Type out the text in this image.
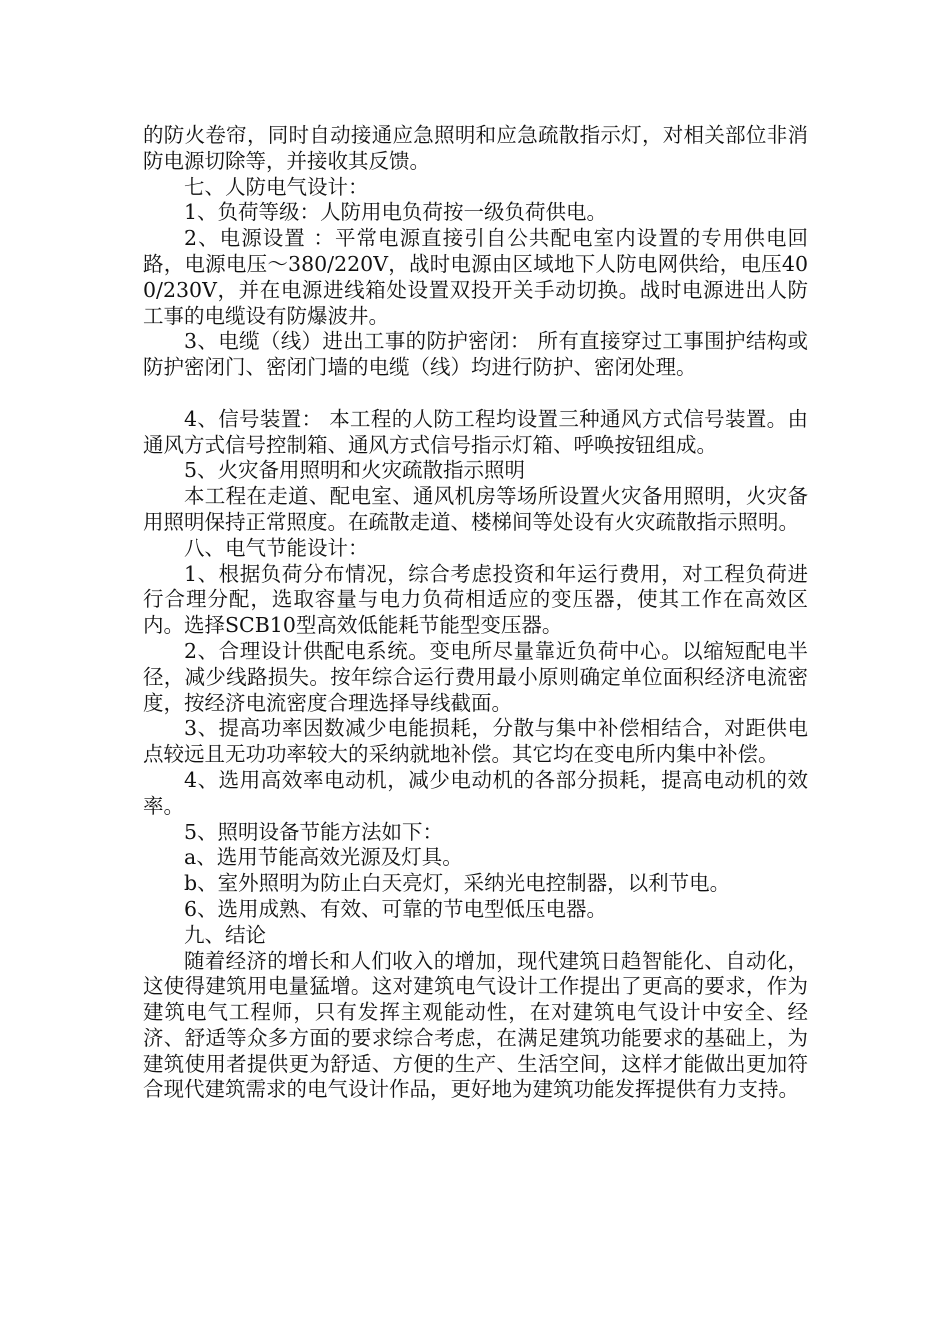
的防火卷帘，同时自动接通应急照明和应急疏散指示灯，对相关部位非消防电源切除等，并接收其反馈。

七、人防电气设计：

1、负荷等级：人防用电负荷按一级负荷供电。

2、电源设置 ：平常电源直接引自公共配电室内设置的专用供电回路，电源电压～380/220V，战时电源由区域地下人防电网供给，电压400/230V，并在电源进线箱处设置双投开关手动切换。战时电源进出人防工事的电缆设有防爆波井。

3、电缆（线）进出工事的防护密闭： 所有直接穿过工事围护结构或防护密闭门、密闭门墙的电缆（线）均进行防护、密闭处理。

4、信号装置： 本工程的人防工程均设置三种通风方式信号装置。由通风方式信号控制箱、通风方式信号指示灯箱、呼唤按钮组成。

5、火灾备用照明和火灾疏散指示照明

本工程在走道、配电室、通风机房等场所设置火灾备用照明，火灾备用照明保持正常照度。在疏散走道、楼梯间等处设有火灾疏散指示照明。

八、电气节能设计：

1、根据负荷分布情况，综合考虑投资和年运行费用，对工程负荷进行合理分配，选取容量与电力负荷相适应的变压器，使其工作在高效区内。选择SCB10型高效低能耗节能型变压器。

2、合理设计供配电系统。变电所尽量靠近负荷中心。以缩短配电半径，减少线路损失。按年综合运行费用最小原则确定单位面积经济电流密度，按经济电流密度合理选择导线截面。

3、提高功率因数减少电能损耗，分散与集中补偿相结合，对距供电点较远且无功功率较大的采纳就地补偿。其它均在变电所内集中补偿。

4、选用高效率电动机，减少电动机的各部分损耗，提高电动机的效率。

5、照明设备节能方法如下：

a、选用节能高效光源及灯具。

b、室外照明为防止白天亮灯，采纳光电控制器，以利节电。

6、选用成熟、有效、可靠的节电型低压电器。

九、结论

随着经济的增长和人们收入的增加，现代建筑日趋智能化、自动化，这使得建筑用电量猛增。这对建筑电气设计工作提出了更高的要求，作为建筑电气工程师，只有发挥主观能动性，在对建筑电气设计中安全、经济、舒适等众多方面的要求综合考虑，在满足建筑功能要求的基础上，为建筑使用者提供更为舒适、方便的生产、生活空间，这样才能做出更加符合现代建筑需求的电气设计作品，更好地为建筑功能发挥提供有力支持。
